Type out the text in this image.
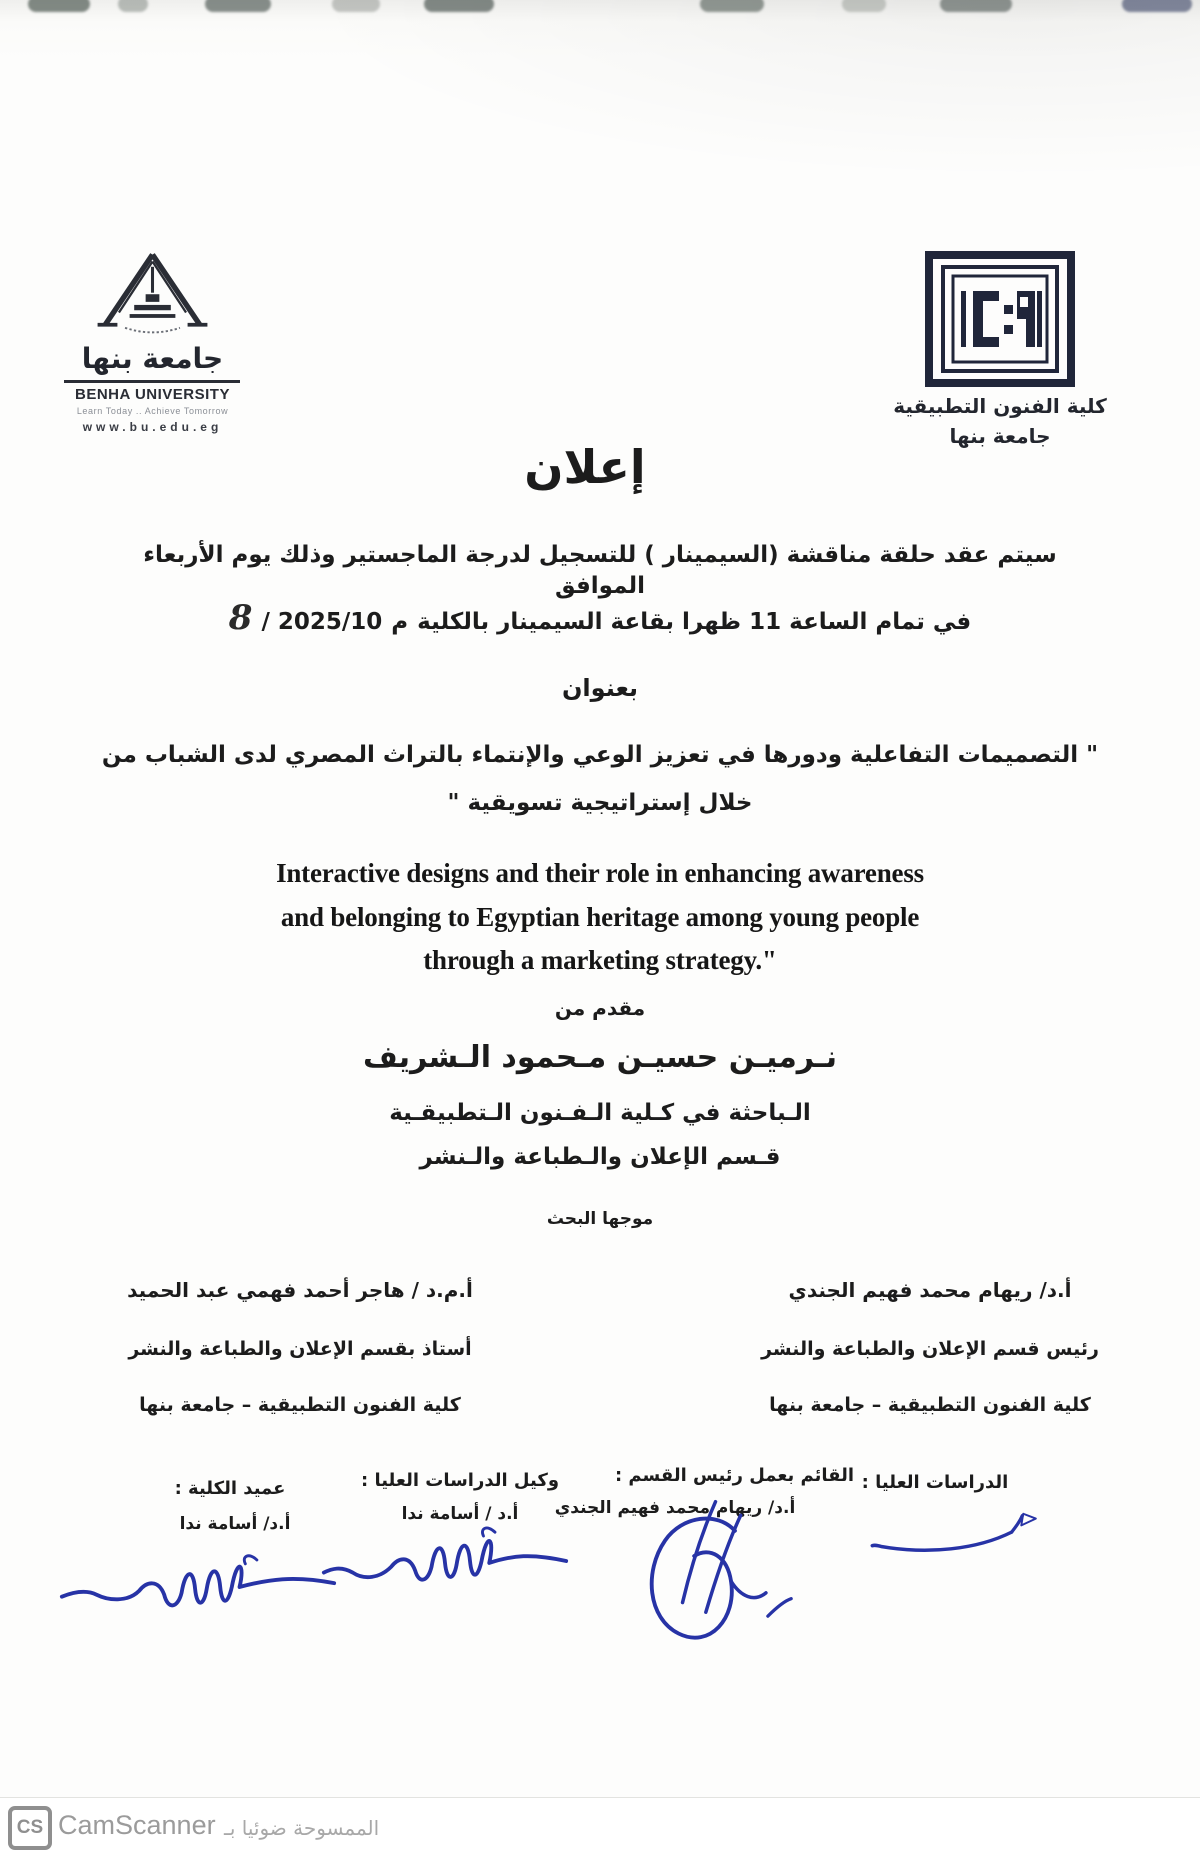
جامعة بنها
BENHA UNIVERSITY
Learn Today .. Achieve Tomorrow
www.bu.edu.eg
كلية الفنون التطبيقية
جامعة بنها
إعلان
سيتم عقد حلقة مناقشة (السيمينار ) للتسجيل لدرجة الماجستير وذلك يوم الأربعاء الموافق
8 / 2025/10 م في تمام الساعة 11 ظهرا بقاعة السيمينار بالكلية
بعنوان
" التصميمات التفاعلية ودورها في تعزيز الوعي والإنتماء بالتراث المصري لدى الشباب من
خلال إستراتيجية تسويقية "
Interactive designs and their role in enhancing awareness
and belonging to Egyptian heritage among young people
through a marketing strategy."
مقدم من
نـرميـن حسيـن مـحمود الـشريف
الـباحثة في كـلية الـفـنون الـتطبيقـية
قـسم الإعلان والـطباعة والـنشر
موجها البحث
أ.د/ ريهام محمد فهيم الجندي
رئيس قسم الإعلان والطباعة والنشر
كلية الفنون التطبيقية – جامعة بنها
أ.م.د / هاجر أحمد فهمي عبد الحميد
أستاذ بقسم الإعلان والطباعة والنشر
كلية الفنون التطبيقية – جامعة بنها
الدراسات العليا :
القائم بعمل رئيس القسم :
أ.د/ ريهام محمد فهيم الجندي
وكيل الدراسات العليا :
أ.د / أسامة ندا
عميد الكلية :
أ.د/ أسامة ندا
CS CamScanner الممسوحة ضوئيا بـ
